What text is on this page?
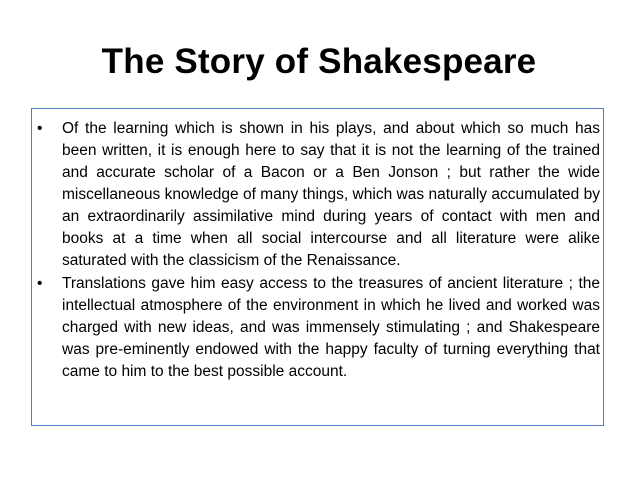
The Story of Shakespeare
•	Of the learning which is shown in his plays, and about which so much has been written, it is enough here to say that it is not the learning of the trained and accurate scholar of a Bacon or a Ben Jonson ; but rather the wide miscellaneous knowledge of many things, which was naturally accumulated by an extraordinarily assimilative mind during years of contact with men and books at a time when all social intercourse and all literature were alike saturated with the classicism of the Renaissance.
•	Translations gave him easy access to the treasures of ancient literature ; the intellectual atmosphere of the environment in which he lived and worked was charged with new ideas, and was immensely stimulating ; and Shakespeare was pre-eminently endowed with the happy faculty of turning everything that came to him to the best possible account.
